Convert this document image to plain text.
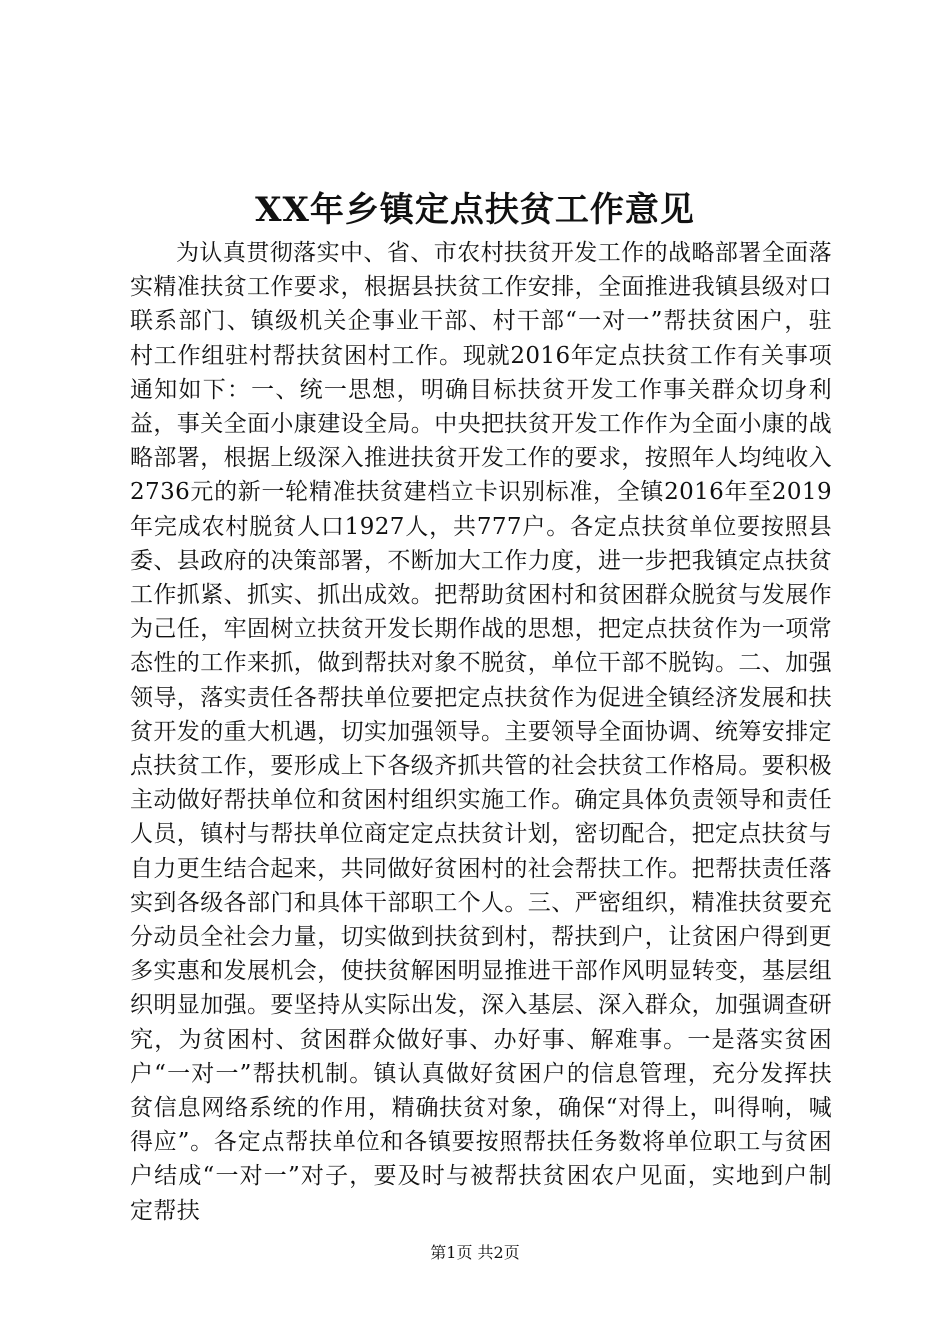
XX年乡镇定点扶贫工作意见

为认真贯彻落实中、省、市农村扶贫开发工作的战略部署全面落实精准扶贫工作要求，根据县扶贫工作安排，全面推进我镇县级对口联系部门、镇级机关企事业干部、村干部“一对一”帮扶贫困户，驻村工作组驻村帮扶贫困村工作。现就2016年定点扶贫工作有关事项通知如下：一、统一思想，明确目标扶贫开发工作事关群众切身利益，事关全面小康建设全局。中央把扶贫开发工作作为全面小康的战略部署，根据上级深入推进扶贫开发工作的要求，按照年人均纯收入2736元的新一轮精准扶贫建档立卡识别标准，全镇2016年至2019年完成农村脱贫人口1927人，共777户。各定点扶贫单位要按照县委、县政府的决策部署，不断加大工作力度，进一步把我镇定点扶贫工作抓紧、抓实、抓出成效。把帮助贫困村和贫困群众脱贫与发展作为己任，牢固树立扶贫开发长期作战的思想，把定点扶贫作为一项常态性的工作来抓，做到帮扶对象不脱贫，单位干部不脱钩。二、加强领导，落实责任各帮扶单位要把定点扶贫作为促进全镇经济发展和扶贫开发的重大机遇，切实加强领导。主要领导全面协调、统筹安排定点扶贫工作，要形成上下各级齐抓共管的社会扶贫工作格局。要积极主动做好帮扶单位和贫困村组织实施工作。确定具体负责领导和责任人员，镇村与帮扶单位商定定点扶贫计划，密切配合，把定点扶贫与自力更生结合起来，共同做好贫困村的社会帮扶工作。把帮扶责任落实到各级各部门和具体干部职工个人。三、严密组织，精准扶贫要充分动员全社会力量，切实做到扶贫到村，帮扶到户，让贫困户得到更多实惠和发展机会，使扶贫解困明显推进干部作风明显转变，基层组织明显加强。要坚持从实际出发，深入基层、深入群众，加强调查研究，为贫困村、贫困群众做好事、办好事、解难事。一是落实贫困户“一对一”帮扶机制。镇认真做好贫困户的信息管理，充分发挥扶贫信息网络系统的作用，精确扶贫对象，确保“对得上，叫得响，喊得应”。各定点帮扶单位和各镇要按照帮扶任务数将单位职工与贫困户结成“一对一”对子，要及时与被帮扶贫困农户见面，实地到户制定帮扶

第1页 共2页
